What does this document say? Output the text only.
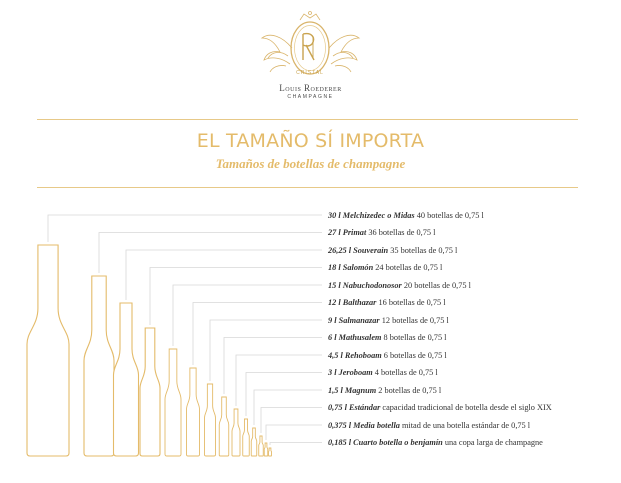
CRISTAL
Louis Roederer
CHAMPAGNE
EL TAMAÑO SÍ IMPORTA
Tamaños de botellas de champagne
30 l Melchizedec o Midas 40 botellas de 0,75 l
27 l Primat 36 botellas de 0,75 l
26,25 l Souverain 35 botellas de 0,75 l
18 l Salomón 24 botellas de 0,75 l
15 l Nabuchodonosor 20 botellas de 0,75 l
12 l Balthazar 16 botellas de 0,75 l
9 l Salmanazar 12 botellas de 0,75 l
6 l Mathusalem 8 botellas de 0,75 l
4,5 l Rehoboam 6 botellas de 0,75 l
3 l Jeroboam 4 botellas de 0,75 l
1,5 l Magnum 2 botellas de 0,75 l
0,75 l Estándar capacidad tradicional de botella desde el siglo XIX
0,375 l Media botella mitad de una botella estándar de 0,75 l
0,185 l Cuarto botella o benjamín una copa larga de champagne
